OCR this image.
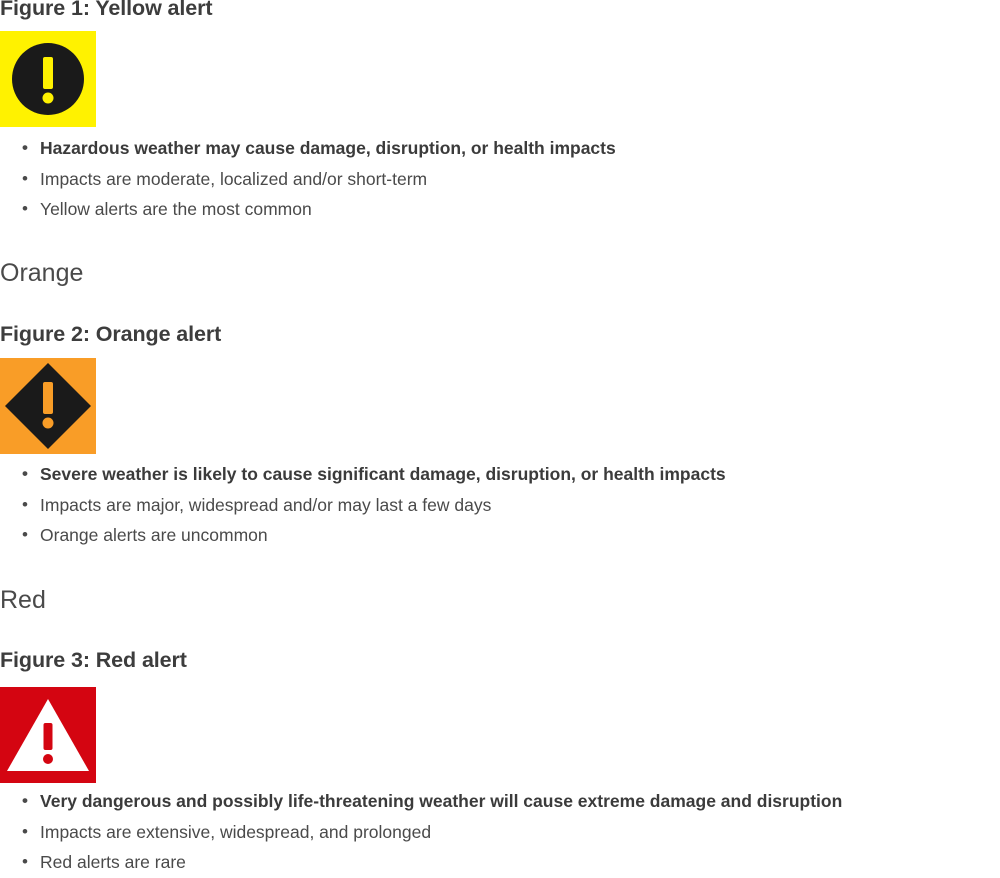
Figure 1: Yellow alert
• Hazardous weather may cause damage, disruption, or health impacts
• Impacts are moderate, localized and/or short-term
• Yellow alerts are the most common
Orange
Figure 2: Orange alert
• Severe weather is likely to cause significant damage, disruption, or health impacts
• Impacts are major, widespread and/or may last a few days
• Orange alerts are uncommon
Red
Figure 3: Red alert
• Very dangerous and possibly life-threatening weather will cause extreme damage and disruption
• Impacts are extensive, widespread, and prolonged
• Red alerts are rare
